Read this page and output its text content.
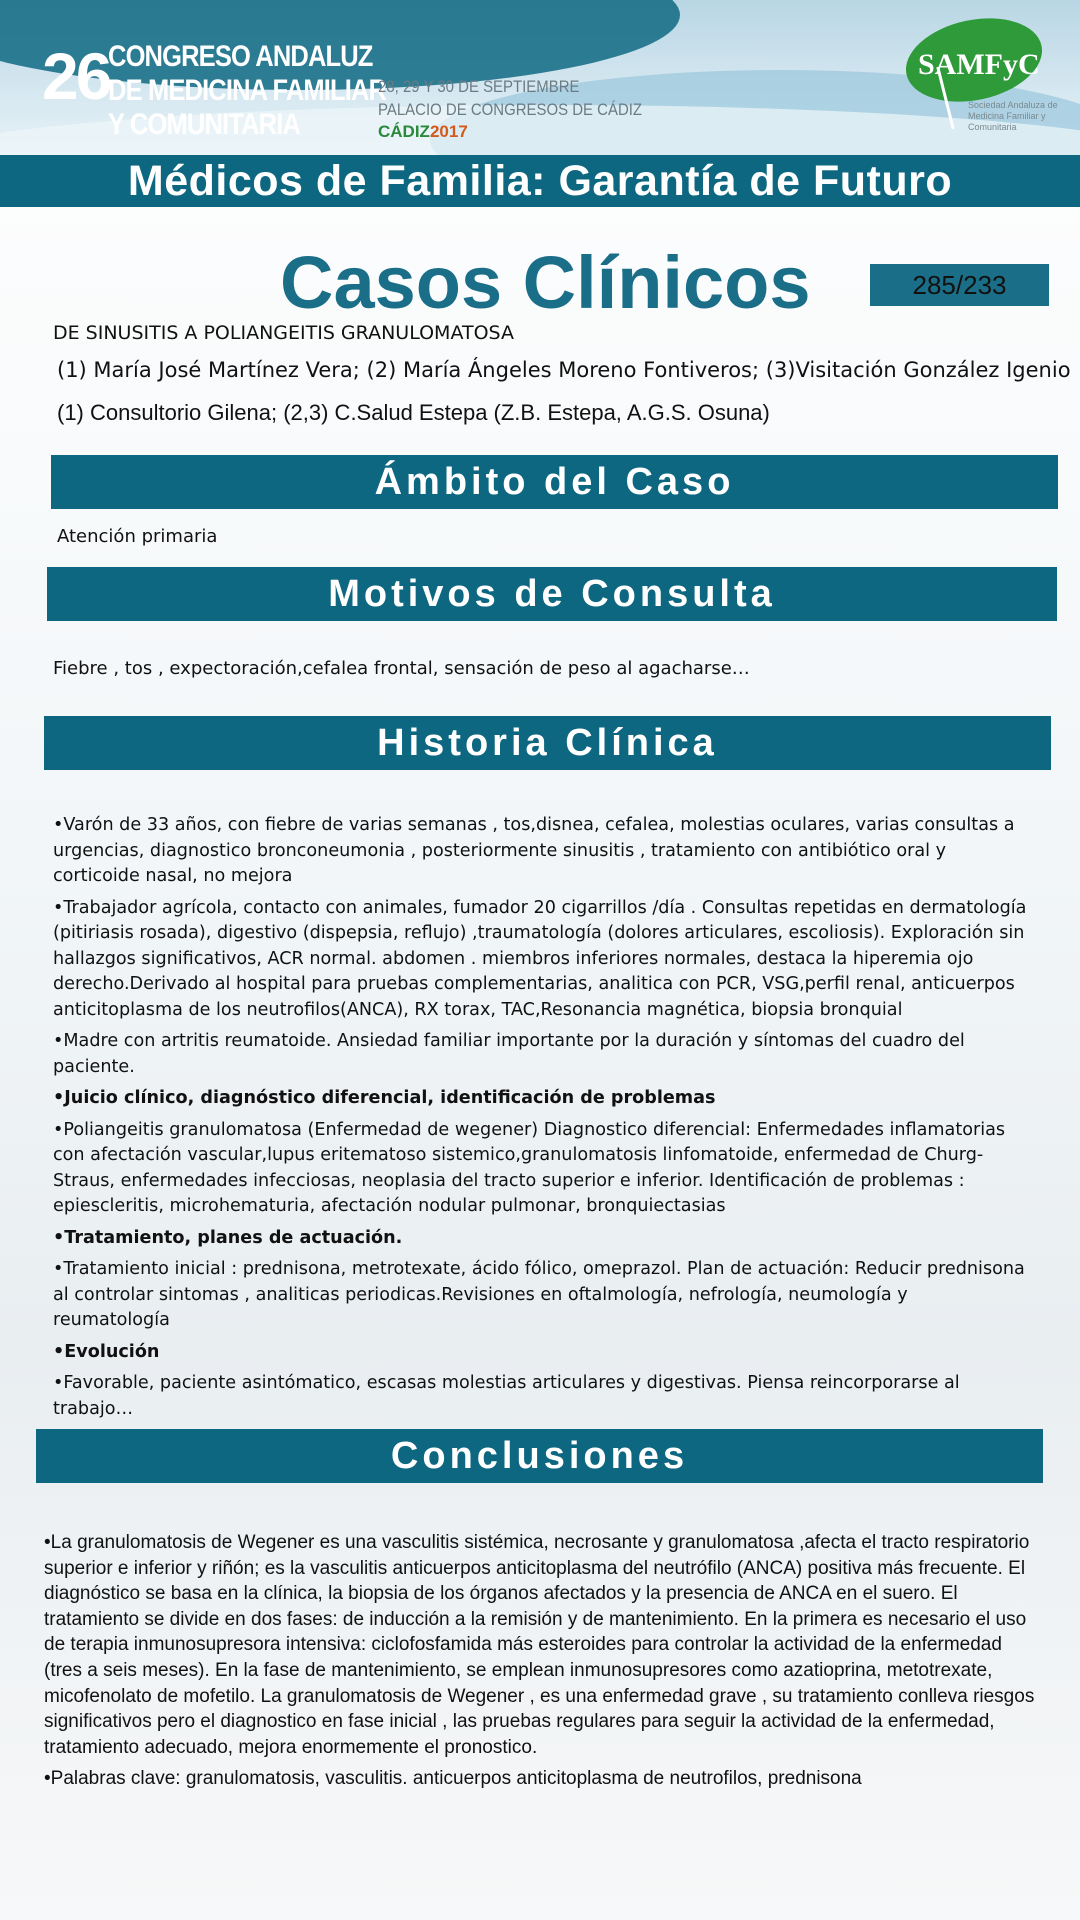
26
CONGRESO ANDALUZ
DE MEDICINA FAMILIAR
Y COMUNITARIA
28, 29 Y 30 DE SEPTIEMBRE
PALACIO DE CONGRESOS DE CÁDIZ
CÁDIZ2017
SAMFyC
Sociedad Andaluza de Medicina Familiar y Comunitaria
Médicos de Familia: Garantía de Futuro
Casos Clínicos	285/233
DE SINUSITIS A POLIANGEITIS GRANULOMATOSA
(1) María José Martínez Vera; (2) María Ángeles Moreno Fontiveros; (3)Visitación González Igenio
(1) Consultorio Gilena; (2,3) C.Salud Estepa (Z.B. Estepa, A.G.S. Osuna)
Ámbito del Caso
Atención primaria
Motivos de Consulta
Fiebre , tos , expectoración,cefalea frontal, sensación de peso al agacharse…
Historia Clínica

•Varón de 33 años, con fiebre de varias semanas , tos,disnea, cefalea, molestias oculares, varias consultas a urgencias, diagnostico bronconeumonia , posteriormente sinusitis , tratamiento con antibiótico oral y corticoide nasal, no mejora

•Trabajador agrícola, contacto con animales, fumador 20 cigarrillos /día . Consultas repetidas en dermatología (pitiriasis rosada), digestivo (dispepsia, reflujo) ,traumatología (dolores articulares, escoliosis). Exploración sin hallazgos significativos, ACR normal. abdomen . miembros inferiores normales, destaca la hiperemia ojo derecho.Derivado al hospital para pruebas complementarias, analitica con PCR, VSG,perfil renal, anticuerpos anticitoplasma de los neutrofilos(ANCA), RX torax, TAC,Resonancia magnética, biopsia bronquial

•Madre con artritis reumatoide. Ansiedad familiar importante por la duración y síntomas del cuadro del paciente.

•Juicio clínico, diagnóstico diferencial, identificación de problemas

•Poliangeitis granulomatosa (Enfermedad de wegener) Diagnostico diferencial: Enfermedades inflamatorias con afectación vascular,lupus eritematoso sistemico,granulomatosis linfomatoide, enfermedad de Churg-Straus, enfermedades infecciosas, neoplasia del tracto superior e inferior. Identificación de problemas : epiescleritis, microhematuria, afectación nodular pulmonar, bronquiectasias

•Tratamiento, planes de actuación.

•Tratamiento inicial : prednisona, metrotexate, ácido fólico, omeprazol. Plan de actuación: Reducir prednisona al controlar sintomas , analiticas periodicas.Revisiones en oftalmología, nefrología, neumología y reumatología

•Evolución

•Favorable, paciente asintómatico, escasas molestias articulares y digestivas. Piensa reincorporarse al trabajo…

Conclusiones

•La granulomatosis de Wegener es una vasculitis sistémica, necrosante y granulomatosa ,afecta el tracto respiratorio superior e inferior y riñón; es la vasculitis anticuerpos anticitoplasma del neutrófilo (ANCA) positiva más frecuente. El diagnóstico se basa en la clínica, la biopsia de los órganos afectados y la presencia de ANCA en el suero. El tratamiento se divide en dos fases: de inducción a la remisión y de mantenimiento. En la primera es necesario el uso de terapia inmunosupresora intensiva: ciclofosfamida más esteroides para controlar la actividad de la enfermedad (tres a seis meses). En la fase de mantenimiento, se emplean inmunosupresores como azatioprina, metotrexate, micofenolato de mofetilo. La granulomatosis de Wegener , es una enfermedad grave , su tratamiento conlleva riesgos significativos pero el diagnostico en fase inicial , las pruebas regulares para seguir la actividad de la enfermedad, tratamiento adecuado, mejora enormemente el pronostico.

•Palabras clave: granulomatosis, vasculitis. anticuerpos anticitoplasma de neutrofilos, prednisona
